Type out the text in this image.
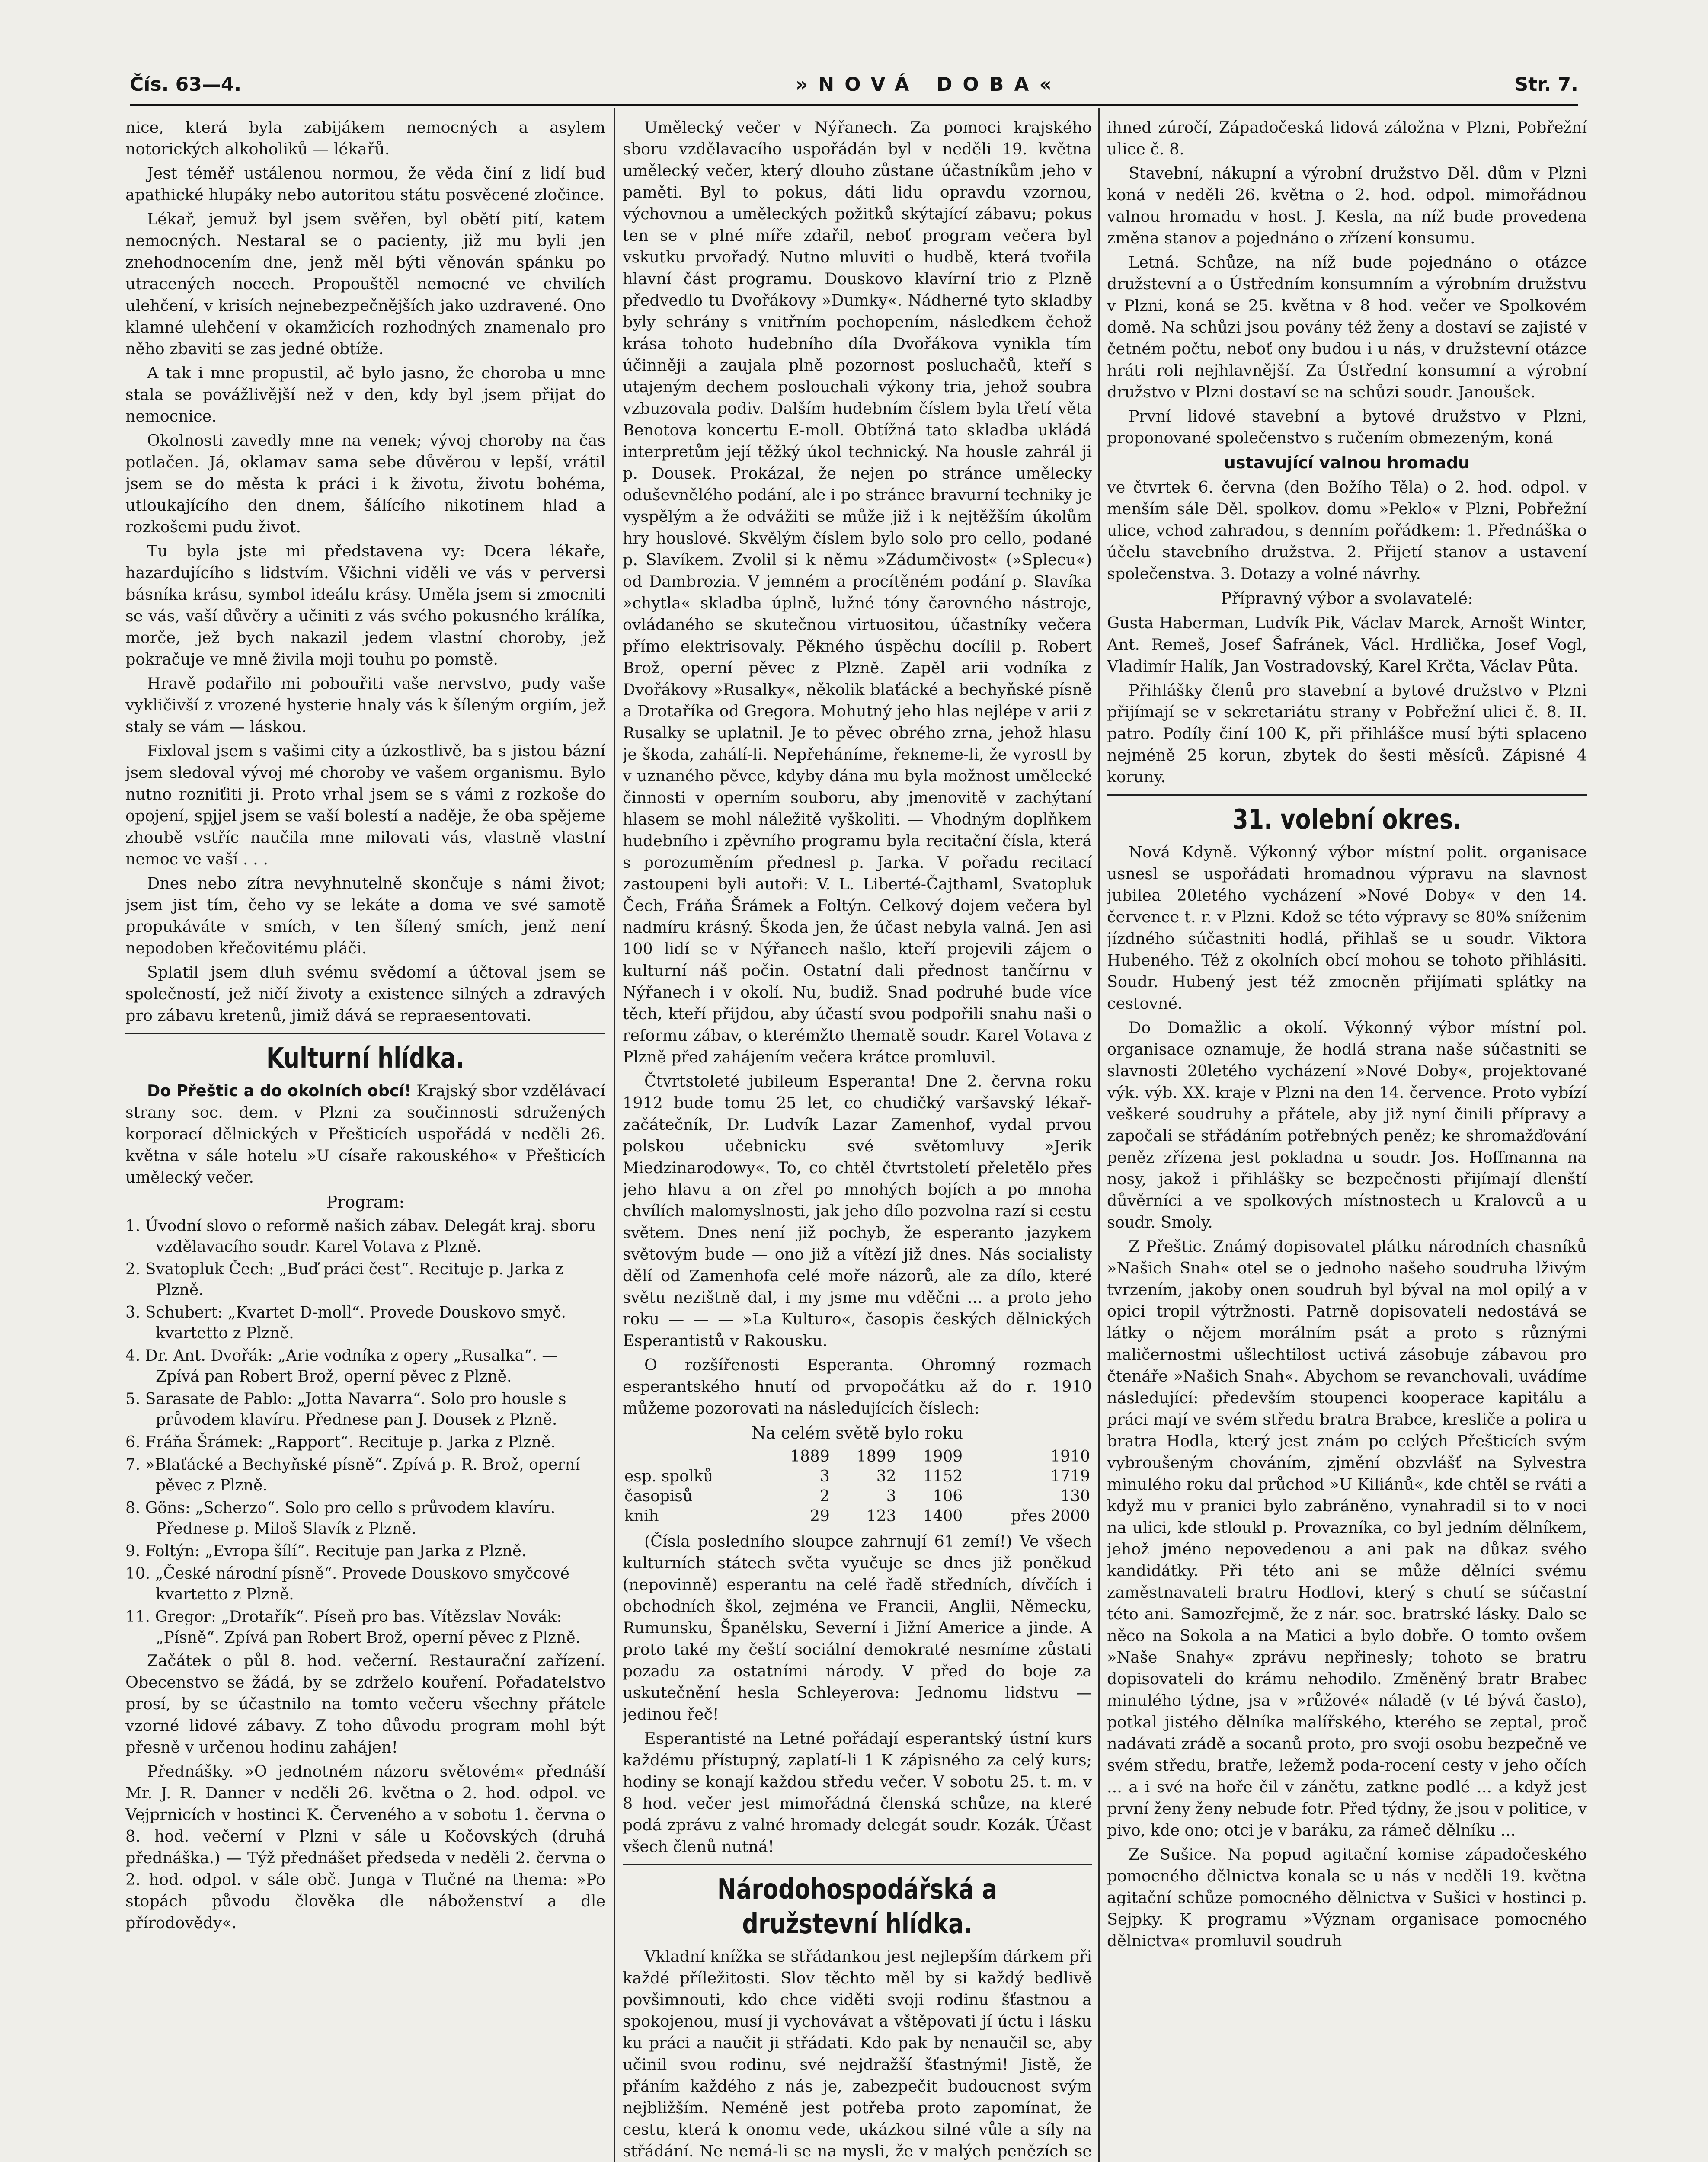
Čís. 63—4.	»NOVÁ DOBA«	Str. 7.

nice, která byla zabijákem nemocných a asylem notorických alkoholiků — lékařů.

Jest téměř ustálenou normou, že věda činí z lidí buď apathické hlupáky nebo autoritou státu posvěcené zločince.

Lékař, jemuž byl jsem svěřen, byl obětí pití, katem nemocných. Nestaral se o pacienty, již mu byli jen znehodnocením dne, jenž měl býti věnován spánku po utracených nocech. Propouštěl nemocné ve chvilích ulehčení, v krisích nejnebezpečnějších jako uzdravené. Ono klamné ulehčení v okamžicích rozhodných znamenalo pro něho zbaviti se zas jedné obtíže.

A tak i mne propustil, ač bylo jasno, že choroba u mne stala se povážlivější než v den, kdy byl jsem přijat do nemocnice.

Okolnosti zavedly mne na venek; vývoj choroby na čas potlačen. Já, oklamav sama sebe důvěrou v lepší, vrátil jsem se do města k práci i k životu, životu bohéma, utloukajícího den dnem, šálícího nikotinem hlad a rozkošemi pudu život.

Tu byla jste mi představena vy: Dcera lékaře, hazardujícího s lidstvím. Všichni viděli ve vás v perversi básníka krásu, symbol ideálu krásy. Uměla jsem si zmocniti se vás, vaší důvěry a učiniti z vás svého pokusného králíka, morče, jež bych nakazil jedem vlastní choroby, jež pokračuje ve mně živila moji touhu po pomstě.

Hravě podařilo mi pobouřiti vaše nervstvo, pudy vaše vykličivší z vrozené hysterie hnaly vás k šíleným orgiím, jež staly se vám — láskou.

Fixloval jsem s vašimi city a úzkostlivě, ba s jistou bázní jsem sledoval vývoj mé choroby ve vašem organismu. Bylo nutno rozniťiti ji. Proto vrhal jsem se s vámi z rozkoše do opojení, spjjel jsem se vaší bolestí a naděje, že oba spějeme zhoubě vstříc naučila mne milovati vás, vlastně vlastní nemoc ve vaší . . .

Dnes nebo zítra nevyhnutelně skončuje s námi život; jsem jist tím, čeho vy se lekáte a doma ve své samotě propukáváte v smích, v ten šílený smích, jenž není nepodoben křečovitému pláči.

Splatil jsem dluh svému svědomí a účtoval jsem se společností, jež ničí životy a existence silných a zdravých pro zábavu kretenů, jimiž dává se repraesentovati.

Kulturní hlídka.

Do Přeštic a do okolních obcí! Krajský sbor vzdělávací strany soc. dem. v Plzni za součinnosti sdružených korporací dělnických v Přešticích uspořádá v neděli 26. května v sále hotelu »U císaře rakouského« v Přešticích umělecký večer.

Program:
1. Úvodní slovo o reformě našich zábav. Delegát kraj. sboru vzdělavacího soudr. Karel Votava z Plzně.
2. Svatopluk Čech: „Buď práci čest“. Recituje p. Jarka z Plzně.
3. Schubert: „Kvartet D-moll“. Provede Douskovo smyč. kvartetto z Plzně.
4. Dr. Ant. Dvořák: „Arie vodníka z opery „Rusalka“. — Zpívá pan Robert Brož, operní pěvec z Plzně.
5. Sarasate de Pablo: „Jotta Navarra“. Solo pro housle s průvodem klavíru. Přednese pan J. Dousek z Plzně.
6. Fráňa Šrámek: „Rapport“. Recituje p. Jarka z Plzně.
7. »Blaťácké a Bechyňské písně“. Zpívá p. R. Brož, operní pěvec z Plzně.
8. Göns: „Scherzo“. Solo pro cello s průvodem klavíru. Přednese p. Miloš Slavík z Plzně.
9. Foltýn: „Evropa šílí“. Recituje pan Jarka z Plzně.
10. „České národní písně“. Provede Douskovo smyčcové kvartetto z Plzně.
11. Gregor: „Drotařík“. Píseň pro bas. Vítězslav Novák: „Písně“. Zpívá pan Robert Brož, operní pěvec z Plzně.

Začátek o půl 8. hod. večerní. Restaurační zařízení. Obecenstvo se žádá, by se zdrželo kouření. Pořadatelstvo prosí, by se účastnilo na tomto večeru všechny přátele vzorné lidové zábavy. Z toho důvodu program mohl být přesně v určenou hodinu zahájen!

Přednášky. »O jednotném názoru světovém« přednáší Mr. J. R. Danner v neděli 26. května o 2. hod. odpol. ve Vejprnicích v hostinci K. Červeného a v sobotu 1. června o 8. hod. večerní v Plzni v sále u Kočovských (druhá přednáška.) — Týž přednášet předseda v neděli 2. června o 2. hod. odpol. v sále obč. Junga v Tlučné na thema: »Po stopách původu člověka dle náboženství a dle přírodovědy«.

Umělecký večer v Nýřanech. Za pomoci krajského sboru vzdělavacího uspořádán byl v neděli 19. května umělecký večer, který dlouho zůstane účastníkům jeho v paměti. Byl to pokus, dáti lidu opravdu vzornou, výchovnou a uměleckých požitků skýtající zábavu; pokus ten se v plné míře zdařil, neboť program večera byl vskutku prvořadý. Nutno mluviti o hudbě, která tvořila hlavní část programu. Douskovo klavírní trio z Plzně předvedlo tu Dvořákovy »Dumky«. Nádherné tyto skladby byly sehrány s vnitřním pochopením, následkem čehož krása tohoto hudebního díla Dvořákova vynikla tím účinněji a zaujala plně pozornost posluchačů, kteří s utajeným dechem poslouchali výkony tria, jehož soubra vzbuzovala podiv. Dalším hudebním číslem byla třetí věta Benotova koncertu E-moll. Obtížná tato skladba ukládá interpretům její těžký úkol technický. Na housle zahrál ji p. Dousek. Prokázal, že nejen po stránce umělecky oduševnělého podání, ale i po stránce bravurní techniky je vyspělým a že odvážiti se může již i k nejtěžším úkolům hry houslové. Skvělým číslem bylo solo pro cello, podané p. Slavíkem. Zvolil si k němu »Zádumčivost« (»Splecu«) od Dambrozia. V jemném a procítěném podání p. Slavíka »chytla« skladba úplně, lužné tóny čarovného nástroje, ovládaného se skutečnou virtuositou, účastníky večera přímo elektrisovaly. Pěkného úspěchu docílil p. Robert Brož, operní pěvec z Plzně. Zapěl arii vodníka z Dvořákovy »Rusalky«, několik blaťácké a bechyňské písně a Drotaříka od Gregora. Mohutný jeho hlas nejlépe v arii z Rusalky se uplatnil. Je to pěvec obrého zrna, jehož hlasu je škoda, zahálí-li. Nepřeháníme, řekneme-li, že vyrostl by v uznaného pěvce, kdyby dána mu byla možnost umělecké činnosti v operním souboru, aby jmenovitě v zachýtaní hlasem se mohl náležitě vyškoliti. — Vhodným doplňkem hudebního i zpěvního programu byla recitační čísla, která s porozuměním přednesl p. Jarka. V pořadu recitací zastoupeni byli autoři: V. L. Liberté-Čajthaml, Svatopluk Čech, Fráňa Šrámek a Foltýn. Celkový dojem večera byl nadmíru krásný. Škoda jen, že účast nebyla valná. Jen asi 100 lidí se v Nýřanech našlo, kteří projevili zájem o kulturní náš počin. Ostatní dali přednost tančírnu v Nýřanech i v okolí. Nu, budiž. Snad podruhé bude více těch, kteří přijdou, aby účastí svou podpořili snahu naši o reformu zábav, o kterémžto thematě soudr. Karel Votava z Plzně před zahájením večera krátce promluvil.

Čtvrtstoleté jubileum Esperanta! Dne 2. června roku 1912 bude tomu 25 let, co chudičký varšavský lékař-začátečník, Dr. Ludvík Lazar Zamenhof, vydal prvou polskou učebnicku své světomluvy »Jerik Miedzinarodowy«. To, co chtěl čtvrtstoletí přeletělo přes jeho hlavu a on zřel po mnohých bojích a po mnoha chvílích malomyslnosti, jak jeho dílo pozvolna razí si cestu světem. Dnes není již pochyb, že esperanto jazykem světovým bude — ono již a vítězí již dnes. Nás socialisty dělí od Zamenhofa celé moře názorů, ale za dílo, které světu nezištně dal, i my jsme mu vděčni ... a proto jeho roku — — — »La Kulturo«, časopis českých dělnických Esperantistů v Rakousku.

O rozšířenosti Esperanta. Ohromný rozmach esperantského hnutí od prvopočátku až do r. 1910 můžeme pozorovati na následujících číslech:

Na celém světě bylo roku
	1889	1899	1909	1910
esp. spolků	3	32	1152	1719
časopisů	2	3	106	130
knih	29	123	1400	přes 2000

(Čísla posledního sloupce zahrnují 61 zemí!) Ve všech kulturních státech světa vyučuje se dnes již poněkud (nepovinně) esperantu na celé řadě středních, dívčích i obchodních škol, zejména ve Francii, Anglii, Německu, Rumunsku, Španělsku, Severní i Jižní Americe a jinde. A proto také my čeští sociální demokraté nesmíme zůstati pozadu za ostatními národy. V před do boje za uskutečnění hesla Schleyerova: Jednomu lidstvu — jedinou řeč!

Esperantisté na Letné pořádají esperantský ústní kurs každému přístupný, zaplatí-li 1 K zápisného za celý kurs; hodiny se konají každou středu večer. V sobotu 25. t. m. v 8 hod. večer jest mimořádná členská schůze, na které podá zprávu z valné hromady delegát soudr. Kozák. Účast všech členů nutná!

Národohospodářská a družstevní hlídka.

Vkladní knížka se střádankou jest nejlepším dárkem při každé příležitosti. Slov těchto měl by si každý bedlivě povšimnouti, kdo chce viděti svoji rodinu šťastnou a spokojenou, musí ji vychovávat a vštěpovati jí úctu i lásku ku práci a naučit ji střádati. Kdo pak by nenaučil se, aby učinil svou rodinu, své nejdražší šťastnými! Jistě, že přáním každého z nás je, zabezpečit budoucnost svým nejbližším. Neméně jest potřeba proto zapomínat, že cestu, která k onomu vede, ukázkou silné vůle a síly na střádání. Ne nemá-li se na mysli, že v malých penězích se

ihned zúročí, Západočeská lidová záložna v Plzni, Pobřežní ulice č. 8.

Stavební, nákupní a výrobní družstvo Děl. dům v Plzni koná v neděli 26. května o 2. hod. odpol. mimořádnou valnou hromadu v host. J. Kesla, na níž bude provedena změna stanov a pojednáno o zřízení konsumu.

Letná. Schůze, na níž bude pojednáno o otázce družstevní a o Ústředním konsumním a výrobním družstvu v Plzni, koná se 25. května v 8 hod. večer ve Spolkovém domě. Na schůzi jsou povány též ženy a dostaví se zajisté v četném počtu, neboť ony budou i u nás, v družstevní otázce hráti roli nejhlavnější. Za Ústřední konsumní a výrobní družstvo v Plzni dostaví se na schůzi soudr. Janoušek.

První lidové stavební a bytové družstvo v Plzni, proponované společenstvo s ručením obmezeným, koná

ustavující valnou hromadu

ve čtvrtek 6. června (den Božího Těla) o 2. hod. odpol. v menším sále Děl. spolkov. domu »Peklo« v Plzni, Pobřežní ulice, vchod zahradou, s denním pořádkem: 1. Přednáška o účelu stavebního družstva. 2. Přijetí stanov a ustavení společenstva. 3. Dotazy a volné návrhy.

Přípravný výbor a svolavatelé:

Gusta Haberman, Ludvík Pik, Václav Marek, Arnošt Winter, Ant. Remeš, Josef Šafránek, Václ. Hrdlička, Josef Vogl, Vladimír Halík, Jan Vostradovský, Karel Krčta, Václav Půta.

Přihlášky členů pro stavební a bytové družstvo v Plzni přijímají se v sekretariátu strany v Pobřežní ulici č. 8. II. patro. Podíly činí 100 K, při přihlášce musí býti splaceno nejméně 25 korun, zbytek do šesti měsíců. Zápisné 4 koruny.

31. volební okres.

Nová Kdyně. Výkonný výbor místní polit. organisace usnesl se uspořádati hromadnou výpravu na slavnost jubilea 20letého vycházení »Nové Doby« v den 14. července t. r. v Plzni. Kdož se této výpravy se 80% sníženim jízdného súčastniti hodlá, přihlaš se u soudr. Viktora Hubeného. Též z okolních obcí mohou se tohoto přihlásiti. Soudr. Hubený jest též zmocněn přijímati splátky na cestovné.

Do Domažlic a okolí. Výkonný výbor místní pol. organisace oznamuje, že hodlá strana naše súčastniti se slavnosti 20letého vycházení »Nové Doby«, projektované výk. výb. XX. kraje v Plzni na den 14. července. Proto vybízí veškeré soudruhy a přátele, aby již nyní činili přípravy a započali se střádáním potřebných peněz; ke shromažďování peněz zřízena jest pokladna u soudr. Jos. Hoffmanna na nosy, jakož i přihlášky se bezpečnosti přijímají dlenští důvěrníci a ve spolkových místnostech u Kralovců a u soudr. Smoly.

Z Přeštic. Známý dopisovatel plátku národních chasníků »Našich Snah« otel se o jednoho našeho soudruha lživým tvrzením, jakoby onen soudruh byl býval na mol opilý a v opici tropil výtržnosti. Patrně dopisovateli nedostává se látky o nějem morálním psát a proto s různými maličernostmi ušlechtilost uctivá zásobuje zábavou pro čtenáře »Našich Snah«. Abychom se revanchovali, uvádíme následující: především stoupenci kooperace kapitálu a práci mají ve svém středu bratra Brabce, kresliče a polira u bratra Hodla, který jest znám po celých Přešticích svým vybroušeným chováním, zjmění obzvlášť na Sylvestra minulého roku dal průchod »U Kiliánů«, kde chtěl se rváti a když mu v pranici bylo zabráněno, vynahradil si to v noci na ulici, kde stloukl p. Provazníka, co byl jedním dělníkem, jehož jméno nepovedenou a ani pak na důkaz svého kandidátky. Při této ani se může dělníci svému zaměstnavateli bratru Hodlovi, který s chutí se súčastní této ani. Samozřejmě, že z nár. soc. bratrské lásky. Dalo se něco na Sokola a na Matici a bylo dobře. O tomto ovšem »Naše Snahy« zprávu nepřinesly; tohoto se bratru dopisovateli do krámu nehodilo. Změněný bratr Brabec minulého týdne, jsa v »růžové« náladě (v té bývá často), potkal jistého dělníka malířského, kterého se zeptal, proč nadávati zrádě a socanů proto, pro svoji osobu bezpečně ve svém středu, bratře, ležemž poda-rocení cesty v jeho očích ... a i své na hoře čil v zánětu, zatkne podlé ... a když jest první ženy ženy nebude fotr. Před týdny, že jsou v politice, v pivo, kde ono; otci je v baráku, za rámeč dělníku ...

Ze Sušice. Na popud agitační komise západočeského pomocného dělnictva konala se u nás v neděli 19. května agitační schůze pomocného dělnictva v Sušici v hostinci p. Sejpky. K programu »Význam organisace pomocného dělnictva« promluvil soudruh
